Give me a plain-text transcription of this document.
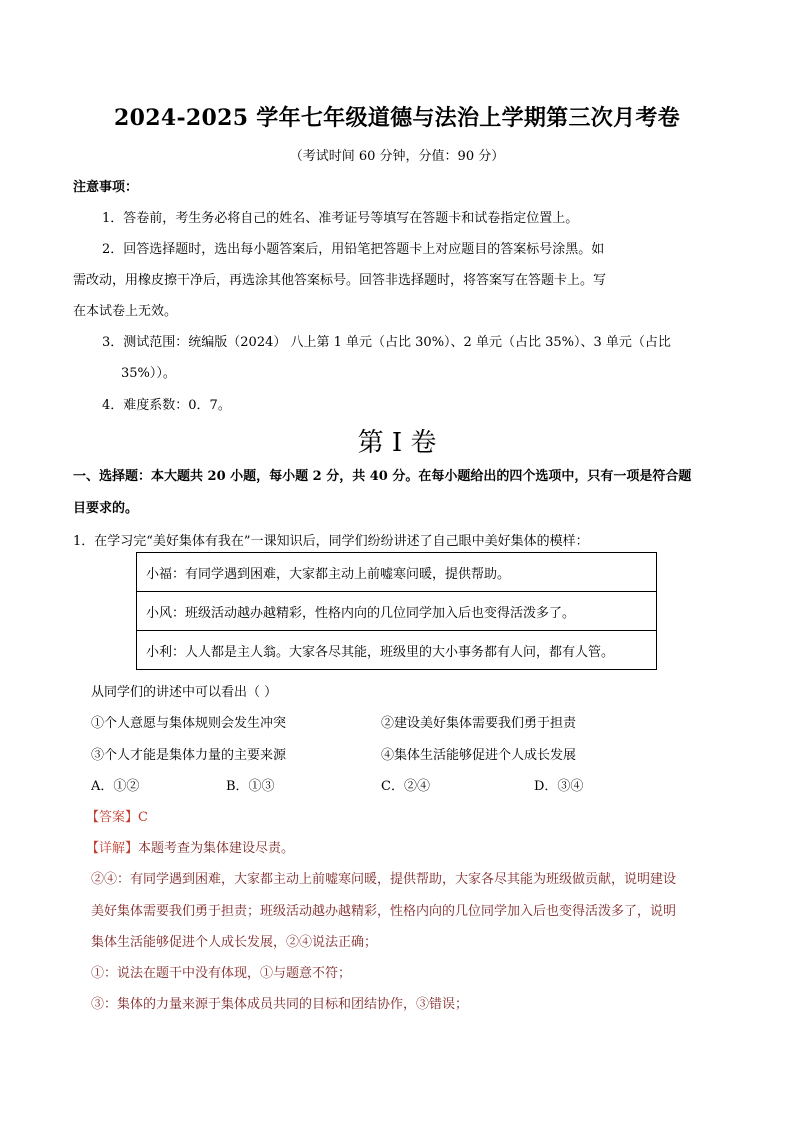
2024-2025 学年七年级道德与法治上学期第三次月考卷
（考试时间 60 分钟，分值：90 分）
注意事项：
1．答卷前，考生务必将自己的姓名、准考证号等填写在答题卡和试卷指定位置上。
2．回答选择题时，选出每小题答案后，用铅笔把答题卡上对应题目的答案标号涂黑。如
需改动，用橡皮擦干净后，再选涂其他答案标号。回答非选择题时，将答案写在答题卡上。写
在本试卷上无效。
3．测试范围：统编版（2024） 八上第 1 单元（占比 30%）、2 单元（占比 35%）、3 单元（占比
35%））。
4．难度系数：0．7。
第 I 卷
一、选择题：本大题共 20 小题，每小题 2 分，共 40 分。在每小题给出的四个选项中，只有一项是符合题
目要求的。
1．在学习完“美好集体有我在”一课知识后，同学们纷纷讲述了自己眼中美好集体的模样：
小福：有同学遇到困难，大家都主动上前嘘寒问暖，提供帮助。
小风：班级活动越办越精彩，性格内向的几位同学加入后也变得活泼多了。
小利：人人都是主人翁。大家各尽其能，班级里的大小事务都有人问，都有人管。
从同学们的讲述中可以看出（ ）
①个人意愿与集体规则会发生冲突	②建设美好集体需要我们勇于担责
③个人才能是集体力量的主要来源	④集体生活能够促进个人成长发展
A．①②	B．①③	C．②④	D．③④
【答案】C
【详解】本题考查为集体建设尽责。
②④：有同学遇到困难，大家都主动上前嘘寒问暖，提供帮助，大家各尽其能为班级做贡献，说明建设
美好集体需要我们勇于担责；班级活动越办越精彩，性格内向的几位同学加入后也变得活泼多了，说明
集体生活能够促进个人成长发展，②④说法正确；
①：说法在题干中没有体现，①与题意不符；
③：集体的力量来源于集体成员共同的目标和团结协作，③错误；
